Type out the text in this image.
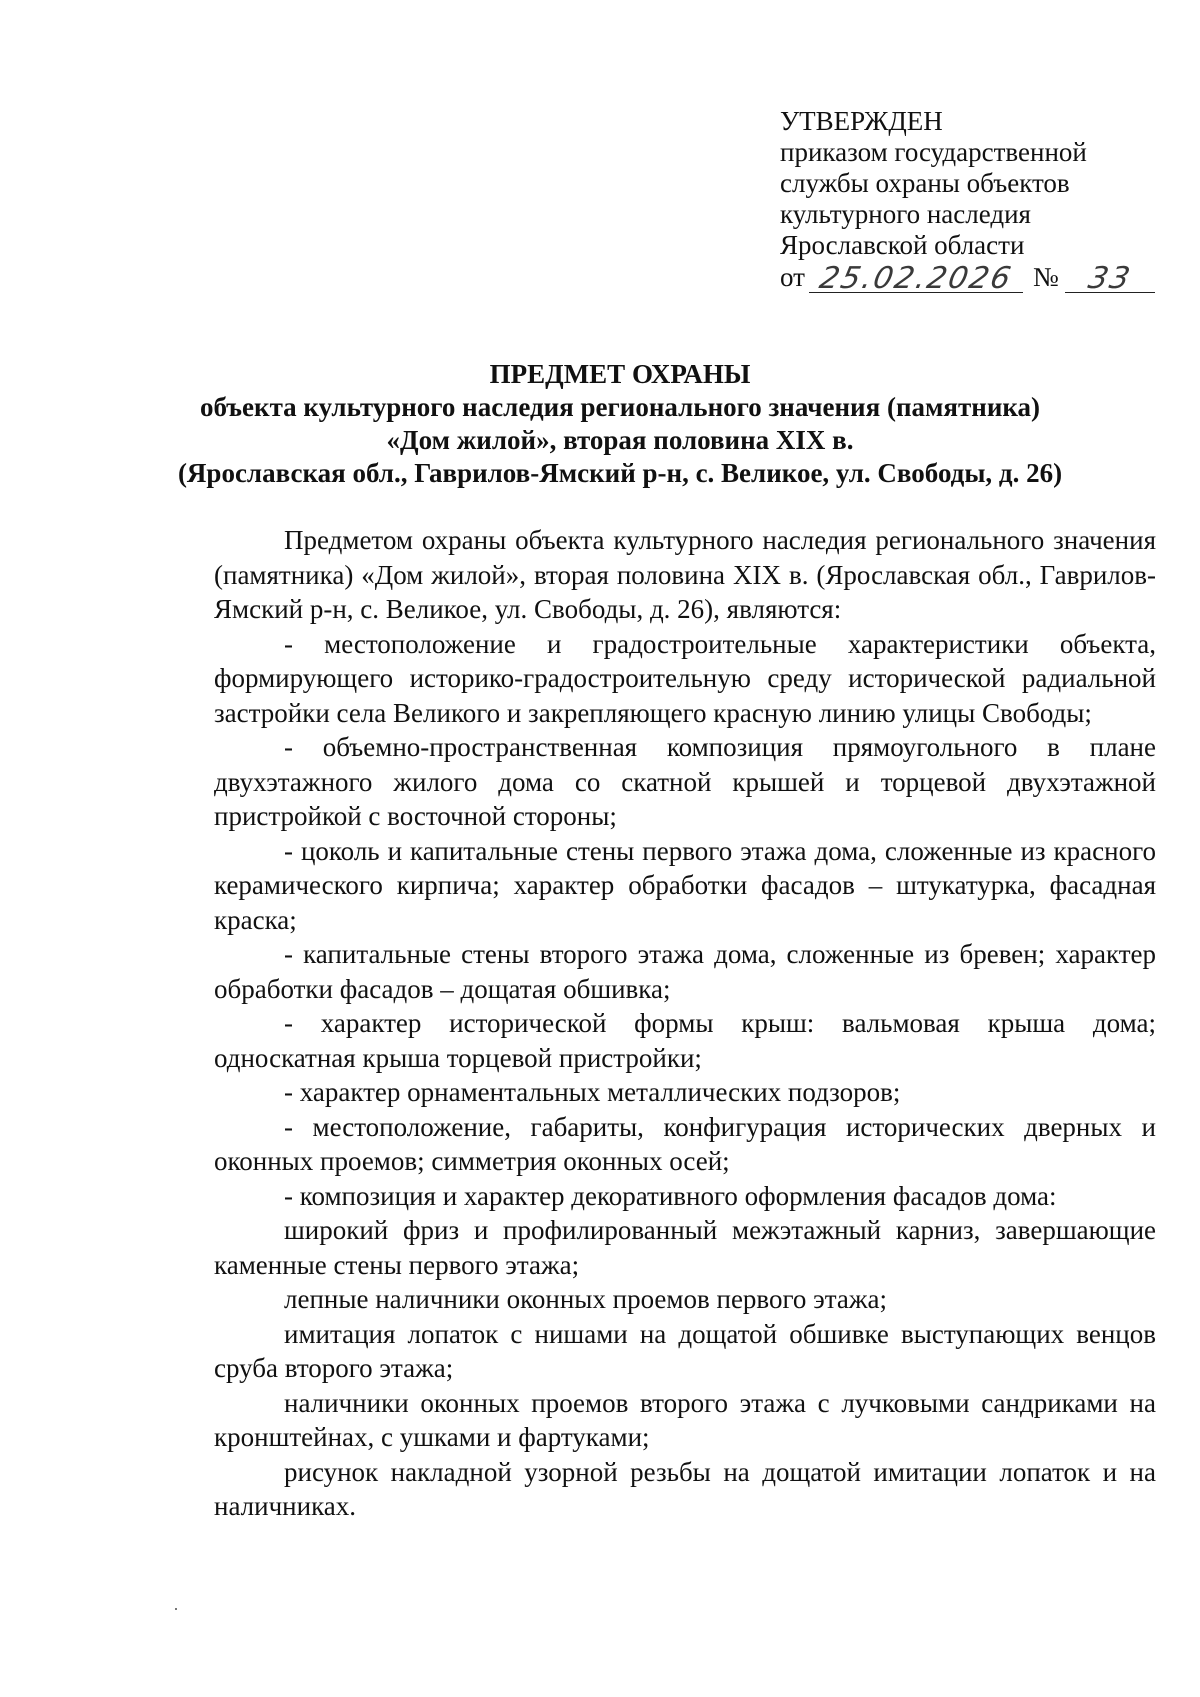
УТВЕРЖДЕН
приказом государственной
службы охраны объектов
культурного наследия
Ярославской области
от 25.02.2026 № 33
ПРЕДМЕТ ОХРАНЫ
объекта культурного наследия регионального значения (памятника)
«Дом жилой», вторая половина XIX в.
(Ярославская обл., Гаврилов-Ямский р-н, с. Великое, ул. Свободы, д. 26)

Предметом охраны объекта культурного наследия регионального значения (памятника) «Дом жилой», вторая половина XIX в. (Ярославская обл., Гаврилов-Ямский р-н, с. Великое, ул. Свободы, д. 26), являются:

- местоположение и градостроительные характеристики объекта, формирующего историко-градостроительную среду исторической радиальной застройки села Великого и закрепляющего красную линию улицы Свободы;

- объемно-пространственная композиция прямоугольного в плане двухэтажного жилого дома со скатной крышей и торцевой двухэтажной пристройкой с восточной стороны;

- цоколь и капитальные стены первого этажа дома, сложенные из красного керамического кирпича; характер обработки фасадов – штукатурка, фасадная краска;

- капитальные стены второго этажа дома, сложенные из бревен; характер обработки фасадов – дощатая обшивка;

- характер исторической формы крыш: вальмовая крыша дома; односкатная крыша торцевой пристройки;

- характер орнаментальных металлических подзоров;

- местоположение, габариты, конфигурация исторических дверных и оконных проемов; симметрия оконных осей;

- композиция и характер декоративного оформления фасадов дома:

широкий фриз и профилированный межэтажный карниз, завершающие каменные стены первого этажа;

лепные наличники оконных проемов первого этажа;

имитация лопаток с нишами на дощатой обшивке выступающих венцов сруба второго этажа;

наличники оконных проемов второго этажа с лучковыми сандриками на кронштейнах, с ушками и фартуками;

рисунок накладной узорной резьбы на дощатой имитации лопаток и на наличниках.
